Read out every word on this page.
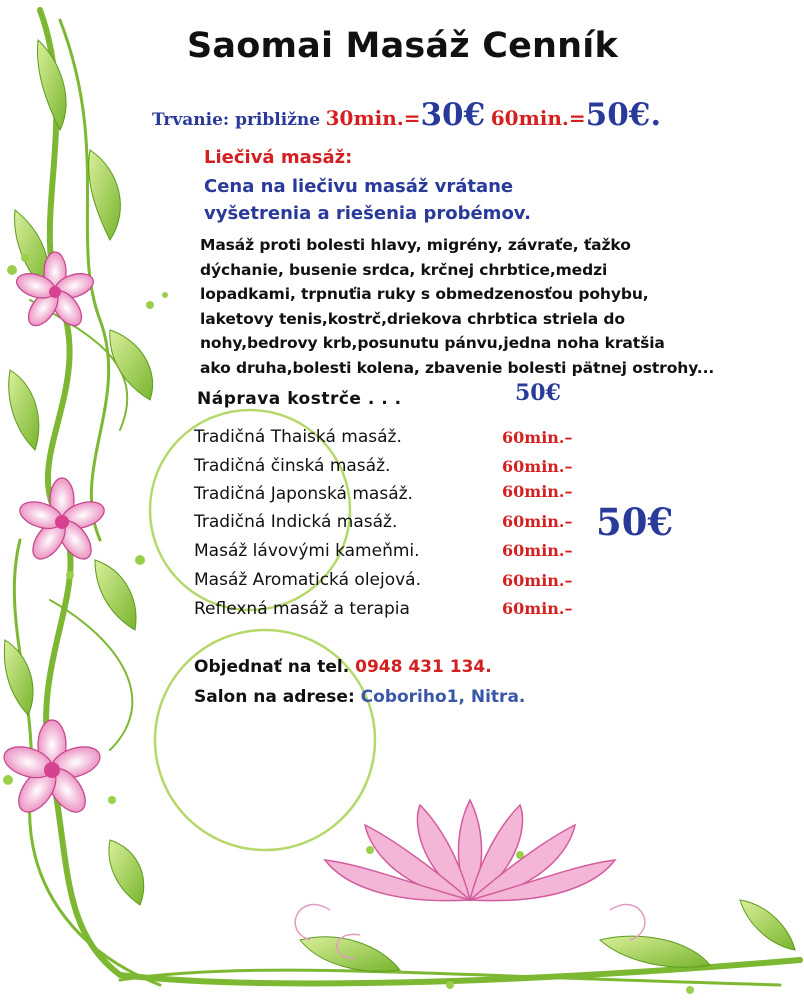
Saomai Masáž Cenník
Trvanie: približne 30min.=30€ 60min.=50€.
Liečivá masáž:
Cena na liečivu masáž vrátane
vyšetrenia a riešenia probémov.
Masáž proti bolesti hlavy, migrény, závraťe, ťažko
dýchanie, busenie srdca, krčnej chrbtice,medzi
lopadkami, trpnuťia ruky s obmedzenosťou pohybu,
laketovy tenis,kostrč,driekova chrbtica striela do
nohy,bedrovy krb,posunutu pánvu,jedna noha kratšia
ako druha,bolesti kolena, zbavenie bolesti pätnej ostrohy...
Náprava kostrče . . .	50€
Tradičná Thaiská masáž.	60min.–
Tradičná činská masáž.	60min.–
Tradičná Japonská masáž.	60min.–
Tradičná Indická masáž.	60min.–
Masáž lávovými kameňmi.	60min.–
Masáž Aromatická olejová.	60min.–
Reflexná masáž a terapia	60min.–
50€
Objednať na tel. 0948 431 134.
Salon na adrese: Coboriho1, Nitra.
